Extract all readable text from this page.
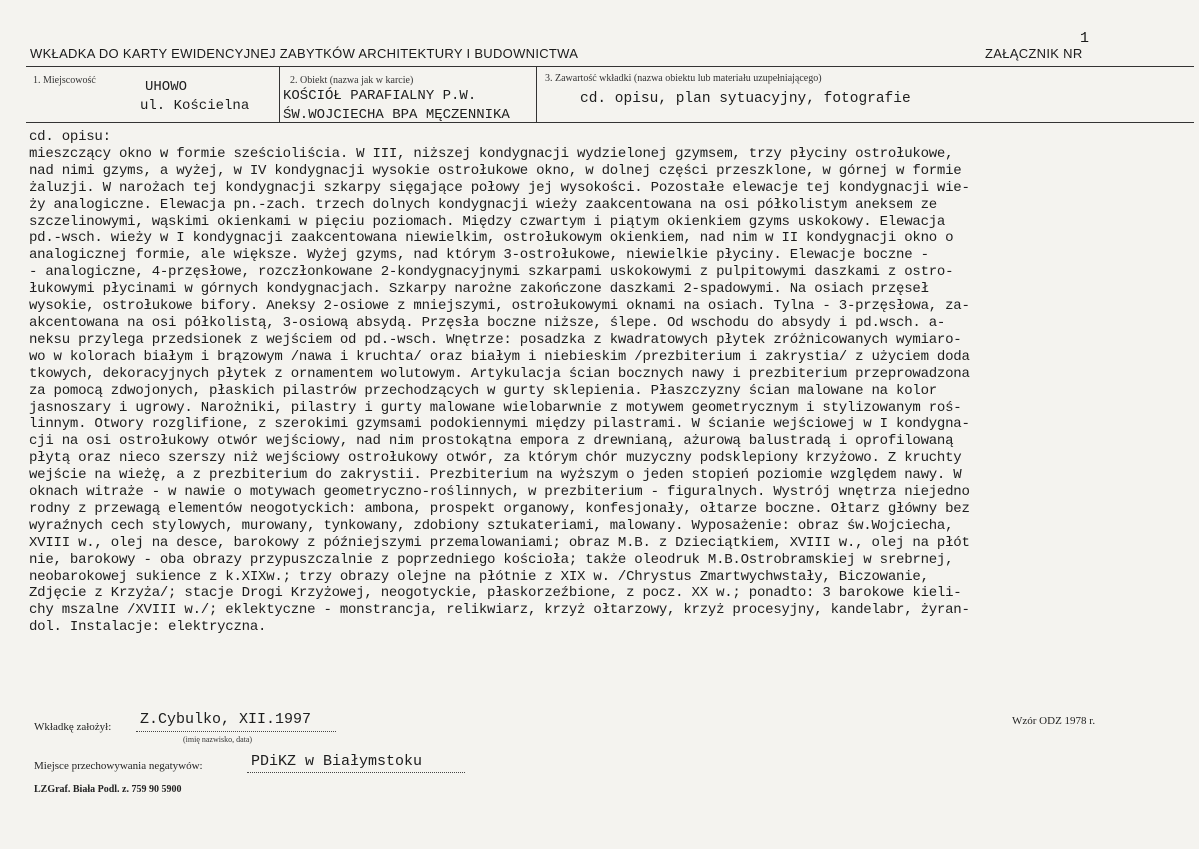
1
WKŁADKA DO KARTY EWIDENCYJNEJ ZABYTKÓW ARCHITEKTURY I BUDOWNICTWA	ZAŁĄCZNIK NR
1. Miejscowość	UHOWO
ul. Kościelna
2. Obiekt (nazwa jak w karcie)
KOŚCIÓŁ PARAFIALNY P.W.
ŚW.WOJCIECHA BPA MĘCZENNIKA
3. Zawartość wkładki (nazwa obiektu lub materiału uzupełniającego)
cd. opisu, plan sytuacyjny, fotografie
cd. opisu:
mieszczący okno w formie sześcioliścia. W III, niższej kondygnacji wydzielonej gzymsem, trzy płyciny ostrołukowe,
nad nimi gzyms, a wyżej, w IV kondygnacji wysokie ostrołukowe okno, w dolnej części przeszklone, w górnej w formie
żaluzji. W narożach tej kondygnacji szkarpy sięgające połowy jej wysokości. Pozostałe elewacje tej kondygnacji wie-
ży analogiczne. Elewacja pn.-zach. trzech dolnych kondygnacji wieży zaakcentowana na osi półkolistym aneksem ze
szczelinowymi, wąskimi okienkami w pięciu poziomach. Między czwartym i piątym okienkiem gzyms uskokowy. Elewacja
pd.-wsch. wieży w I kondygnacji zaakcentowana niewielkim, ostrołukowym okienkiem, nad nim w II kondygnacji okno o
analogicznej formie, ale większe. Wyżej gzyms, nad którym 3-ostrołukowe, niewielkie płyciny. Elewacje boczne -
- analogiczne, 4-przęsłowe, rozczłonkowane 2-kondygnacyjnymi szkarpami uskokowymi z pulpitowymi daszkami z ostro-
łukowymi płycinami w górnych kondygnacjach. Szkarpy narożne zakończone daszkami 2-spadowymi. Na osiach przęseł
wysokie, ostrołukowe bifory. Aneksy 2-osiowe z mniejszymi, ostrołukowymi oknami na osiach. Tylna - 3-przęsłowa, za-
akcentowana na osi półkolistą, 3-osiową absydą. Przęsła boczne niższe, ślepe. Od wschodu do absydy i pd.wsch. a-
neksu przylega przedsionek z wejściem od pd.-wsch. Wnętrze: posadzka z kwadratowych płytek zróżnicowanych wymiaro-
wo w kolorach białym i brązowym /nawa i kruchta/ oraz białym i niebieskim /prezbiterium i zakrystia/ z użyciem doda
tkowych, dekoracyjnych płytek z ornamentem wolutowym. Artykulacja ścian bocznych nawy i prezbiterium przeprowadzona
za pomocą zdwojonych, płaskich pilastrów przechodzących w gurty sklepienia. Płaszczyzny ścian malowane na kolor
jasnoszary i ugrowy. Narożniki, pilastry i gurty malowane wielobarwnie z motywem geometrycznym i stylizowanym roś-
linnym. Otwory rozglifione, z szerokimi gzymsami podokiennymi między pilastrami. W ścianie wejściowej w I kondygna-
cji na osi ostrołukowy otwór wejściowy, nad nim prostokątna empora z drewnianą, ażurową balustradą i oprofilowaną
płytą oraz nieco szerszy niż wejściowy ostrołukowy otwór, za którym chór muzyczny podsklepiony krzyżowo. Z kruchty
wejście na wieżę, a z prezbiterium do zakrystii. Prezbiterium na wyższym o jeden stopień poziomie względem nawy. W
oknach witraże - w nawie o motywach geometryczno-roślinnych, w prezbiterium - figuralnych. Wystrój wnętrza niejedno
rodny z przewagą elementów neogotyckich: ambona, prospekt organowy, konfesjonały, ołtarze boczne. Ołtarz główny bez
wyraźnych cech stylowych, murowany, tynkowany, zdobiony sztukateriami, malowany. Wyposażenie: obraz św.Wojciecha,
XVIII w., olej na desce, barokowy z późniejszymi przemalowaniami; obraz M.B. z Dzieciątkiem, XVIII w., olej na płót
nie, barokowy - oba obrazy przypuszczalnie z poprzedniego kościoła; także oleodruk M.B.Ostrobramskiej w srebrnej,
neobarokowej sukience z k.XIXw.; trzy obrazy olejne na płótnie z XIX w. /Chrystus Zmartwychwstały, Biczowanie,
Zdjęcie z Krzyża/; stacje Drogi Krzyżowej, neogotyckie, płaskorzeźbione, z pocz. XX w.; ponadto: 3 barokowe kieli-
chy mszalne /XVIII w./; eklektyczne - monstrancja, relikwiarz, krzyż ołtarzowy, krzyż procesyjny, kandelabr, żyran-
dol. Instalacje: elektryczna.
Wkładkę założył: Z.Cybulko, XII.1997
(imię nazwisko, data)
Wzór ODZ 1978 r.
Miejsce przechowywania negatywów:	PDiKZ w Białymstoku
LZGraf. Biała Podl. z. 759 90 5900
